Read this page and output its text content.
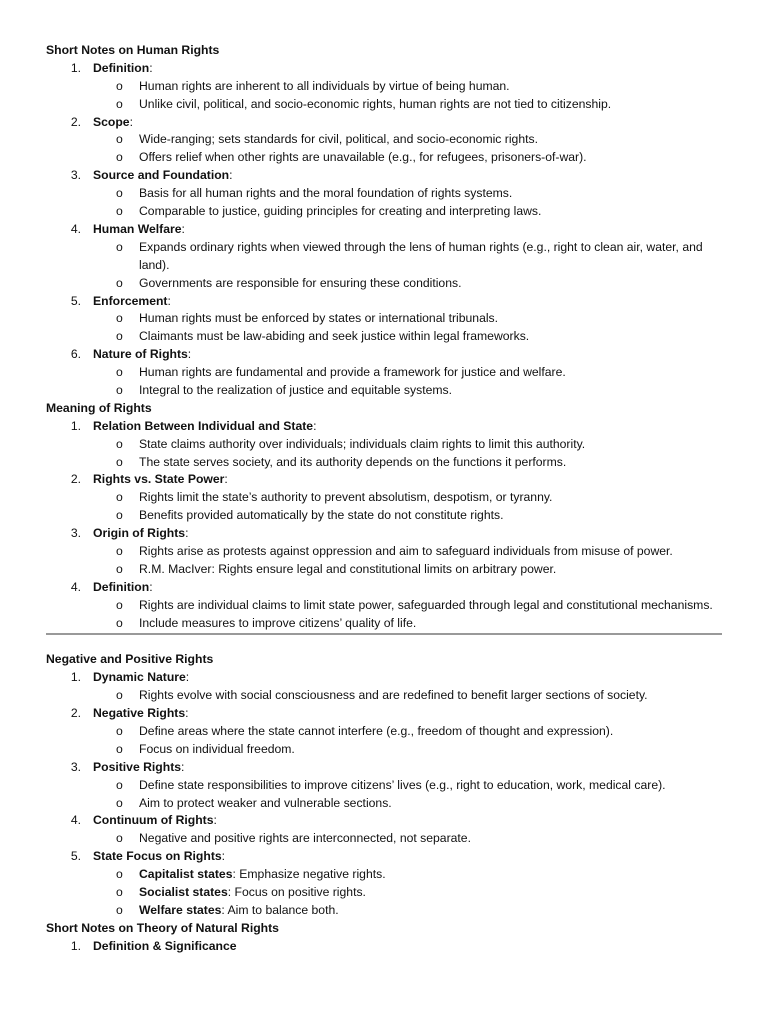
Short Notes on Human Rights
1. Definition:
o Human rights are inherent to all individuals by virtue of being human.
o Unlike civil, political, and socio-economic rights, human rights are not tied to citizenship.
2. Scope:
o Wide-ranging; sets standards for civil, political, and socio-economic rights.
o Offers relief when other rights are unavailable (e.g., for refugees, prisoners-of-war).
3. Source and Foundation:
o Basis for all human rights and the moral foundation of rights systems.
o Comparable to justice, guiding principles for creating and interpreting laws.
4. Human Welfare:
o Expands ordinary rights when viewed through the lens of human rights (e.g., right to clean air, water, and land).
o Governments are responsible for ensuring these conditions.
5. Enforcement:
o Human rights must be enforced by states or international tribunals.
o Claimants must be law-abiding and seek justice within legal frameworks.
6. Nature of Rights:
o Human rights are fundamental and provide a framework for justice and welfare.
o Integral to the realization of justice and equitable systems.
Meaning of Rights
1. Relation Between Individual and State:
o State claims authority over individuals; individuals claim rights to limit this authority.
o The state serves society, and its authority depends on the functions it performs.
2. Rights vs. State Power:
o Rights limit the state’s authority to prevent absolutism, despotism, or tyranny.
o Benefits provided automatically by the state do not constitute rights.
3. Origin of Rights:
o Rights arise as protests against oppression and aim to safeguard individuals from misuse of power.
o R.M. MacIver: Rights ensure legal and constitutional limits on arbitrary power.
4. Definition:
o Rights are individual claims to limit state power, safeguarded through legal and constitutional mechanisms.
o Include measures to improve citizens’ quality of life.
Negative and Positive Rights
1. Dynamic Nature:
o Rights evolve with social consciousness and are redefined to benefit larger sections of society.
2. Negative Rights:
o Define areas where the state cannot interfere (e.g., freedom of thought and expression).
o Focus on individual freedom.
3. Positive Rights:
o Define state responsibilities to improve citizens’ lives (e.g., right to education, work, medical care).
o Aim to protect weaker and vulnerable sections.
4. Continuum of Rights:
o Negative and positive rights are interconnected, not separate.
5. State Focus on Rights:
o Capitalist states: Emphasize negative rights.
o Socialist states: Focus on positive rights.
o Welfare states: Aim to balance both.
Short Notes on Theory of Natural Rights
1. Definition & Significance
